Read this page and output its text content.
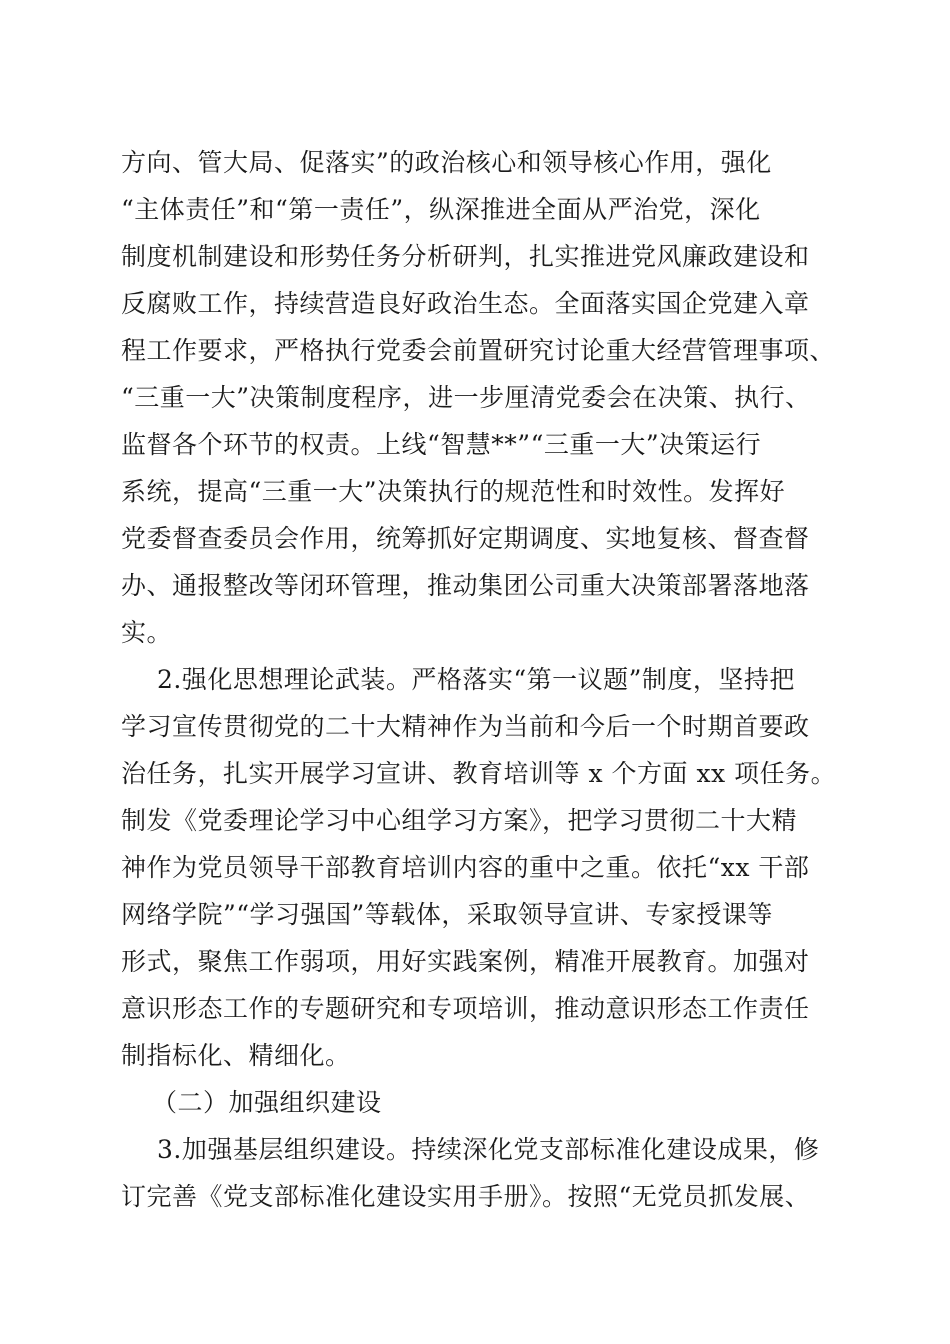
方向、管大局、促落实”的政治核心和领导核心作用，强化
“主体责任”和“第一责任”，纵深推进全面从严治党，深化
制度机制建设和形势任务分析研判，扎实推进党风廉政建设和
反腐败工作，持续营造良好政治生态。全面落实国企党建入章
程工作要求，严格执行党委会前置研究讨论重大经营管理事项、
“三重一大”决策制度程序，进一步厘清党委会在决策、执行、
监督各个环节的权责。上线“智慧**”“三重一大”决策运行
系统，提高“三重一大”决策执行的规范性和时效性。发挥好
党委督查委员会作用，统筹抓好定期调度、实地复核、督查督
办、通报整改等闭环管理，推动集团公司重大决策部署落地落
实。
2.强化思想理论武装。严格落实“第一议题”制度，坚持把
学习宣传贯彻党的二十大精神作为当前和今后一个时期首要政
治任务，扎实开展学习宣讲、教育培训等 x 个方面 xx 项任务。
制发《党委理论学习中心组学习方案》，把学习贯彻二十大精
神作为党员领导干部教育培训内容的重中之重。依托“xx 干部
网络学院”“学习强国”等载体，采取领导宣讲、专家授课等
形式，聚焦工作弱项，用好实践案例，精准开展教育。加强对
意识形态工作的专题研究和专项培训，推动意识形态工作责任
制指标化、精细化。
（二）加强组织建设
3.加强基层组织建设。持续深化党支部标准化建设成果，修
订完善《党支部标准化建设实用手册》。按照“无党员抓发展、
